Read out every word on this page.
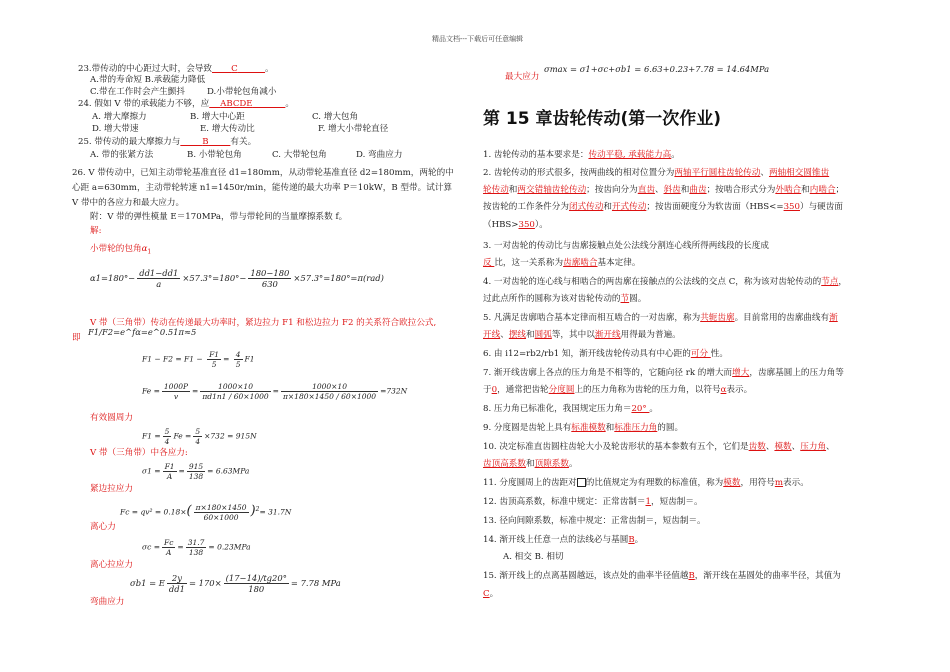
精品文档---下载后可任意编辑
23.带传动的中心距过大时，会导致 C	。
A.带的寿命短 B.承载能力降低
C.带在工作时会产生颤抖	D.小带轮包角减小
24. 假如 V 带的承载能力不够，应 ABCDE	。
A. 增大摩擦力	B. 增大中心距	C. 增大包角
D. 增大带速	E. 增大传动比	F. 增大小带轮直径
25. 带传动的最大摩擦力与	B	有关。
A. 带的张紧方法	B. 小带轮包角	C. 大带轮包角	D. 弯曲应力
26. V 带传动中，已知主动带轮基准直径 d1=180mm，从动带轮基准直径 d2=180mm，两轮的中
心距 a=630mm，主动带轮转速 n1=1450r/min，能传递的最大功率 P＝10kW，B 型带。试计算
V 带中的各应力和最大应力。
附：V 带的弹性模量 E＝170MPa，带与带轮间的当量摩擦系数 f。
解:
小带轮的包角$\alpha_1$
$\alpha 1=180^\circ- \frac{dd1-dd1}{a} \times 57.3^\circ=180^\circ- \frac{180-180}{630} \times 57.3^\circ=180^\circ=\pi(rad)$
V 带（三角带）传动在传递最大功率时，紧边拉力 F1 和松边拉力 F2 的关系符合欧拉公式,
即
F1/F2=e^fα=e^0.51π≈5
$F1 - F2 = F1 - \frac{F1}{5} = \frac{4}{5} F1$
$Fe = \frac{1000P}{v} = \frac{1000\times 10}{\pi d1n1 / 60\times 1000} = \frac{1000\times 10}{\pi\times 180\times 1450 / 60\times 1000} =732N$
有效圆周力
$F1 = \frac{5}{4}$ $Fe = \frac{5}{4} \times 732 = 915N$
V 带（三角带）中各应力:
$\sigma 1 = \frac{F1}{A} = \frac{915}{138} = 6.63MPa$
紧边拉应力
$Fc = qv^2 = 0.18\times( \frac{\pi\times 180\times 1450}{60\times 1000} )^2= 31.7N$
离心力
$\sigma c = \frac{Fc}{A} = \frac{31.7}{138} = 0.23MPa$
离心拉应力
σb1 = E $\frac{2y}{dd1} = 170\times \frac{(17-14)/tg20^\circ}{180} = 7.78$ MPa
弯曲应力
σmax = σ1+σc+σb1 = 6.63+0.23+7.78 = 14.64MPa
最大应力
第 15 章齿轮传动(第一次作业)
1. 齿轮传动的基本要求是：传动平稳, 承载能力高。
2. 齿轮传动的形式很多，按两曲线的相对位置分为两轴平行圆柱齿轮传动、两轴相交圆锥齿
轮传动和两交错轴齿轮传动；按齿向分为直齿、斜齿和曲齿；按啮合形式分为外啮合和内啮合；
按齿轮的工作条件分为闭式传动和开式传动；按齿面硬度分为软齿面（HBS<=350）与硬齿面
（HBS>350）。
3. 一对齿轮的传动比与齿廓接触点处公法线分割连心线所得两线段的长度成
反 比，这一关系称为齿廓啮合基本定律。
4. 一对齿轮的连心线与相啮合的两齿廓在接触点的公法线的交点 C，称为该对齿轮传动的节点，
过此点所作的圆称为该对齿轮传动的节圆。
5. 凡满足齿廓啮合基本定律而相互啮合的一对齿廓，称为共轭齿廓。目前常用的齿廓曲线有渐
开线、摆线和圆弧等，其中以渐开线用得最为普遍。
6. 由 i12=rb2/rb1 知，渐开线齿轮传动具有中心距的可分 性。
7. 渐开线齿廓上各点的压力角是不相等的，它随向径 rk 的增大而增大，齿廓基圆上的压力角等
于0，通常把齿轮分度圆上的压力角称为齿轮的压力角，以符号α表示。
8. 压力角已标准化，我国规定压力角＝20° 。
9. 分度圆是齿轮上具有标准模数和标准压力角的圆。
10. 决定标准直齿圆柱齿轮大小及轮齿形状的基本参数有五个，它们是齿数、模数、压力角、
齿顶高系数和顶隙系数。
11. 分度圆周上的齿距对 的比值规定为有理数的标准值，称为模数，用符号m表示。
12. 齿顶高系数，标准中规定：正常齿制＝1，短齿制＝。
13. 径向间隙系数，标准中规定：正常齿制＝，短齿制＝。
14. 渐开线上任意一点的法线必与基圆B。
A. 相交 B. 相切
15. 渐开线上的点离基圆越远，该点处的曲率半径值越B，渐开线在基圆处的曲率半径，其值为
C。
